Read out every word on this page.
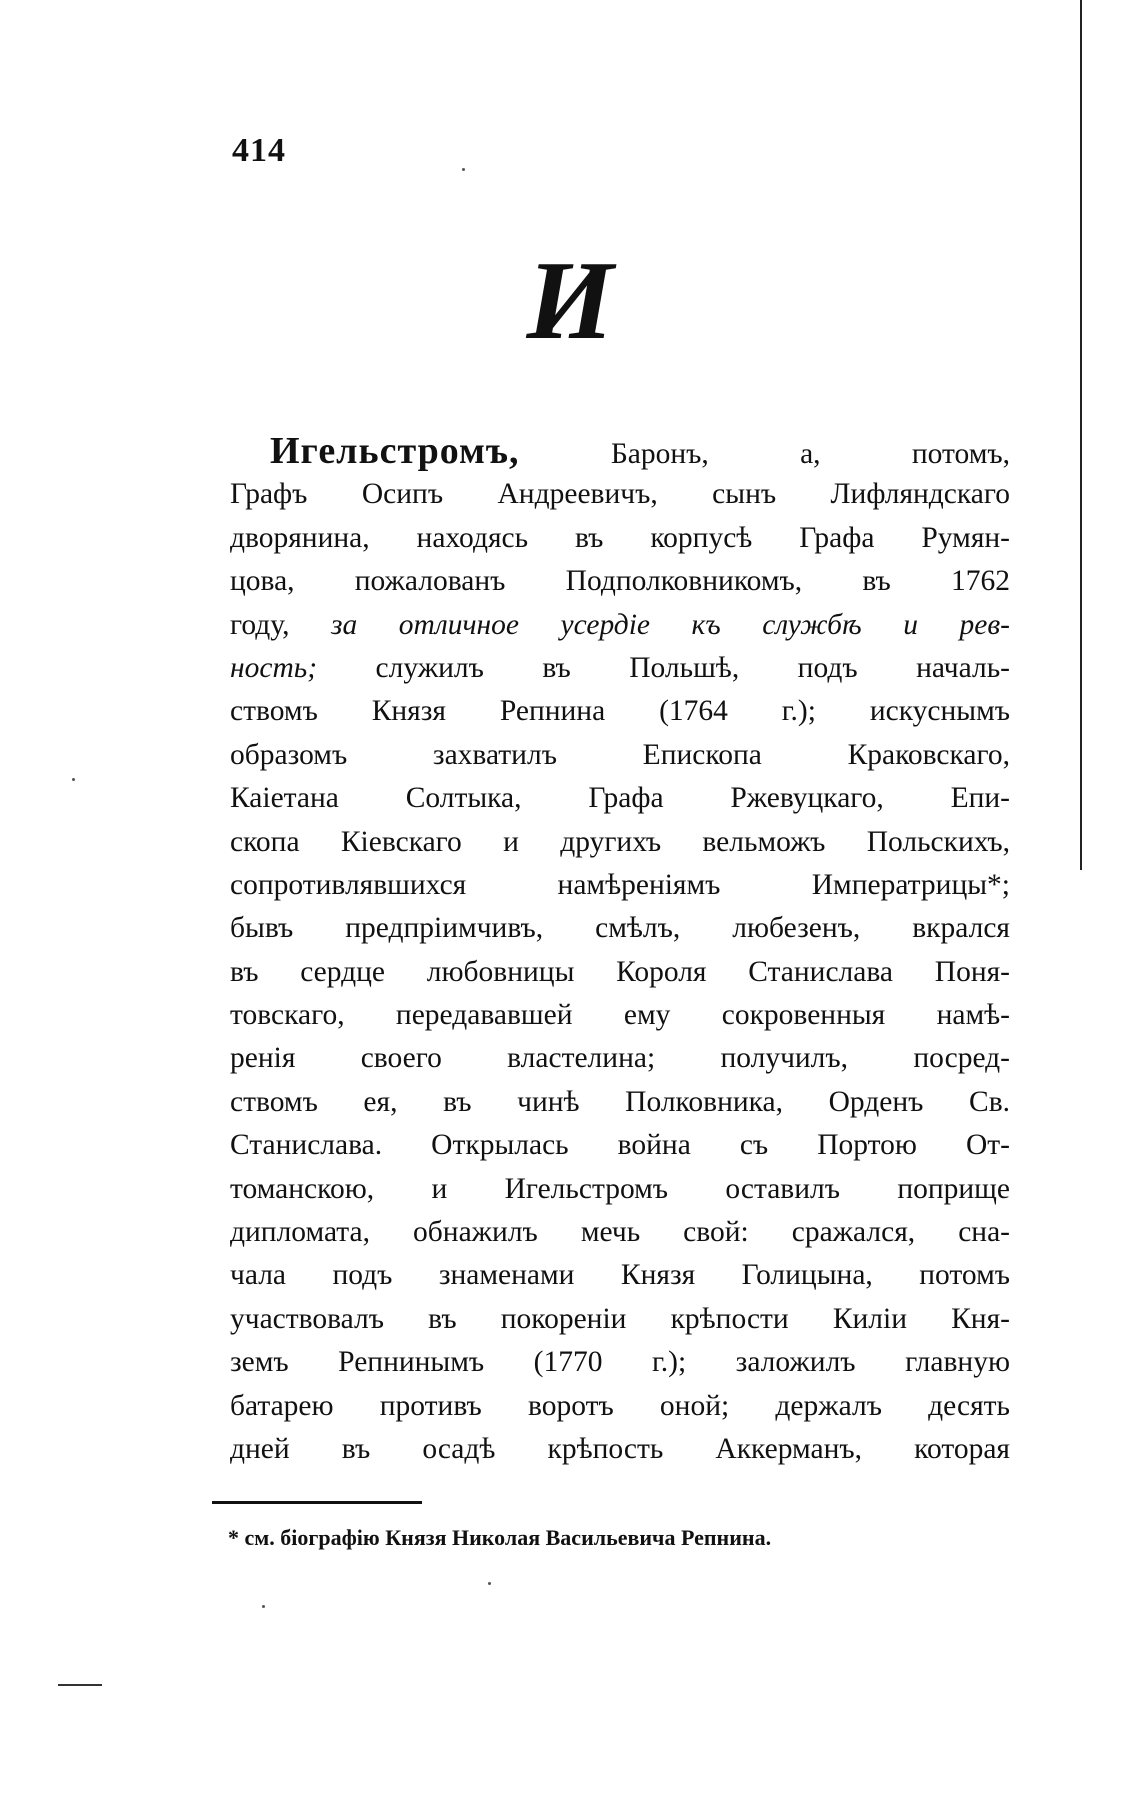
414
И
Игельстромъ,	Баронъ, а, потомъ,
Графъ Осипъ Андреевичъ, сынъ Лифляндскаго
дворянина, находясь въ корпусѣ Графа Румян-
цова, пожалованъ Подполковникомъ, въ 1762
году, за отличное усердіе къ службѣ и рев-
ность; служилъ въ Польшѣ, подъ началь-
ствомъ Князя Репнина (1764 г.); искуснымъ
образомъ захватилъ Епископа Краковскаго,
Каіетана Солтыка, Графа Ржевуцкаго, Епи-
скопа Кіевскаго и другихъ вельможъ Польскихъ,
сопротивлявшихся намѣреніямъ Императрицы*;
бывъ предпріимчивъ, смѣлъ, любезенъ, вкрался
въ сердце любовницы Короля Станислава Поня-
товскаго, передававшей ему сокровенныя намѣ-
ренія своего властелина; получилъ, посред-
ствомъ ея, въ чинѣ Полковника, Орденъ Св.
Станислава. Открылась война съ Портою От-
томанскою, и Игельстромъ оставилъ поприще
дипломата, обнажилъ мечь свой: сражался, сна-
чала подъ знаменами Князя Голицына, потомъ
участвовалъ въ покореніи крѣпости Киліи Кня-
земъ Репнинымъ (1770 г.); заложилъ главную
батарею противъ воротъ оной; держалъ десять
дней въ осадѣ крѣпость Аккерманъ, которая
* см. біографію Князя Николая Васильевича Репнина.
